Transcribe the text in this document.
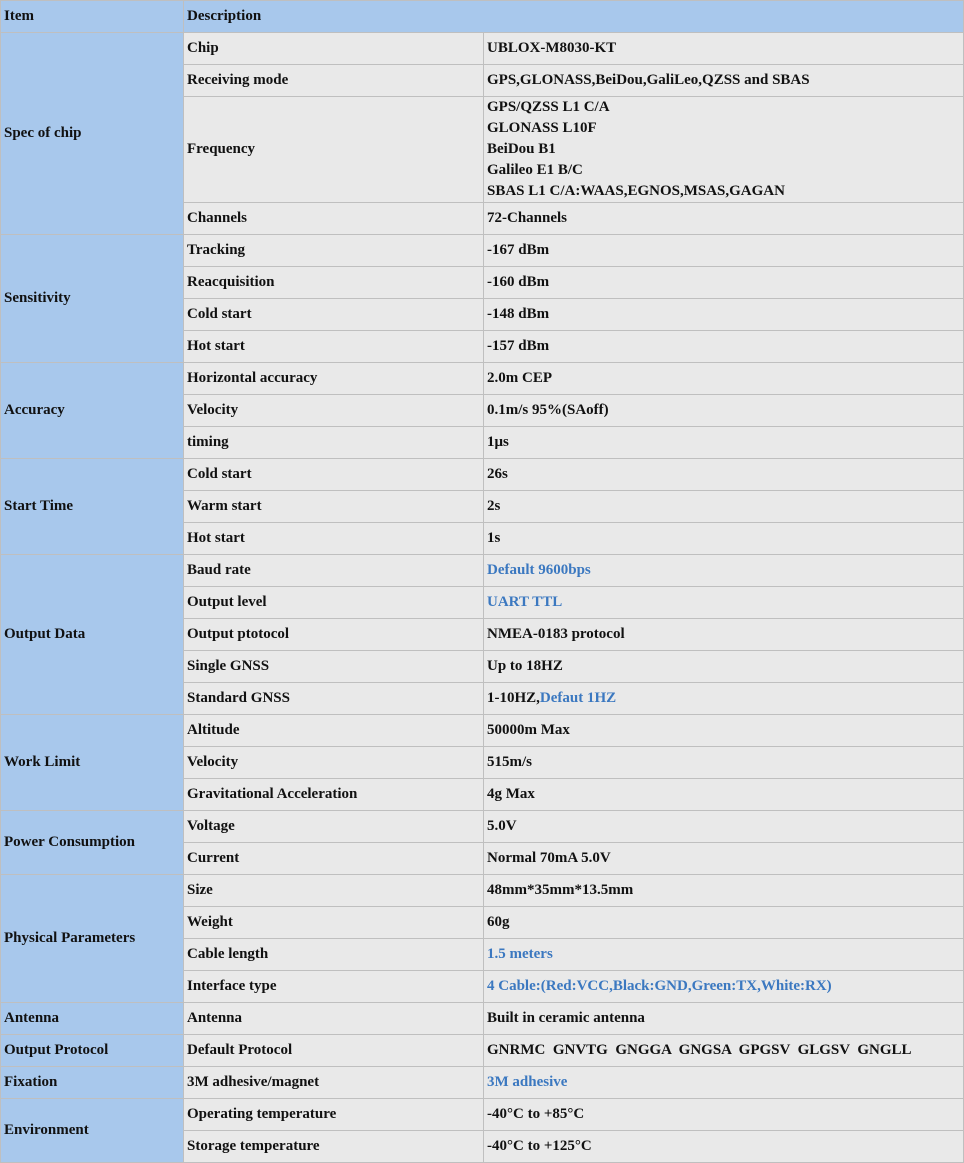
Item	Description	
Spec of chip	Chip	UBLOX-M8030-KT
	Receiving mode	GPS,GLONASS,BeiDou,GaliLeo,QZSS and SBAS
	Frequency	GPS/QZSS L1 C/A
GLONASS L10F
BeiDou B1
Galileo E1 B/C
SBAS L1 C/A:WAAS,EGNOS,MSAS,GAGAN

	Channels	72-Channels
Sensitivity	Tracking	-167 dBm
	Reacquisition	-160 dBm
	Cold start	-148 dBm
	Hot start	-157 dBm
Accuracy	Horizontal accuracy	2.0m CEP
	Velocity	0.1m/s 95%(SAoff)
	timing	1μs
Start Time	Cold start	26s
	Warm start	2s
	Hot start	1s
Output Data	Baud rate	Default 9600bps
	Output level	UART TTL
	Output ptotocol	NMEA-0183 protocol
	Single GNSS	Up to 18HZ
	Standard GNSS	1-10HZ,Defaut 1HZ
Work Limit	Altitude	50000m Max
	Velocity	515m/s
	Gravitational Acceleration	4g Max
Power Consumption	Voltage	5.0V
	Current	Normal 70mA 5.0V
Physical Parameters	Size	48mm*35mm*13.5mm
	Weight	60g
	Cable length	1.5 meters
	Interface type	4 Cable:(Red:VCC,Black:GND,Green:TX,White:RX)
Antenna	Antenna	Built in ceramic antenna
Output Protocol	Default Protocol	GNRMC  GNVTG  GNGGA  GNGSA  GPGSV  GLGSV  GNGLL
Fixation	3M adhesive/magnet	3M adhesive
Environment	Operating temperature	-40°C to +85°C
	Storage temperature	-40°C to +125°C
